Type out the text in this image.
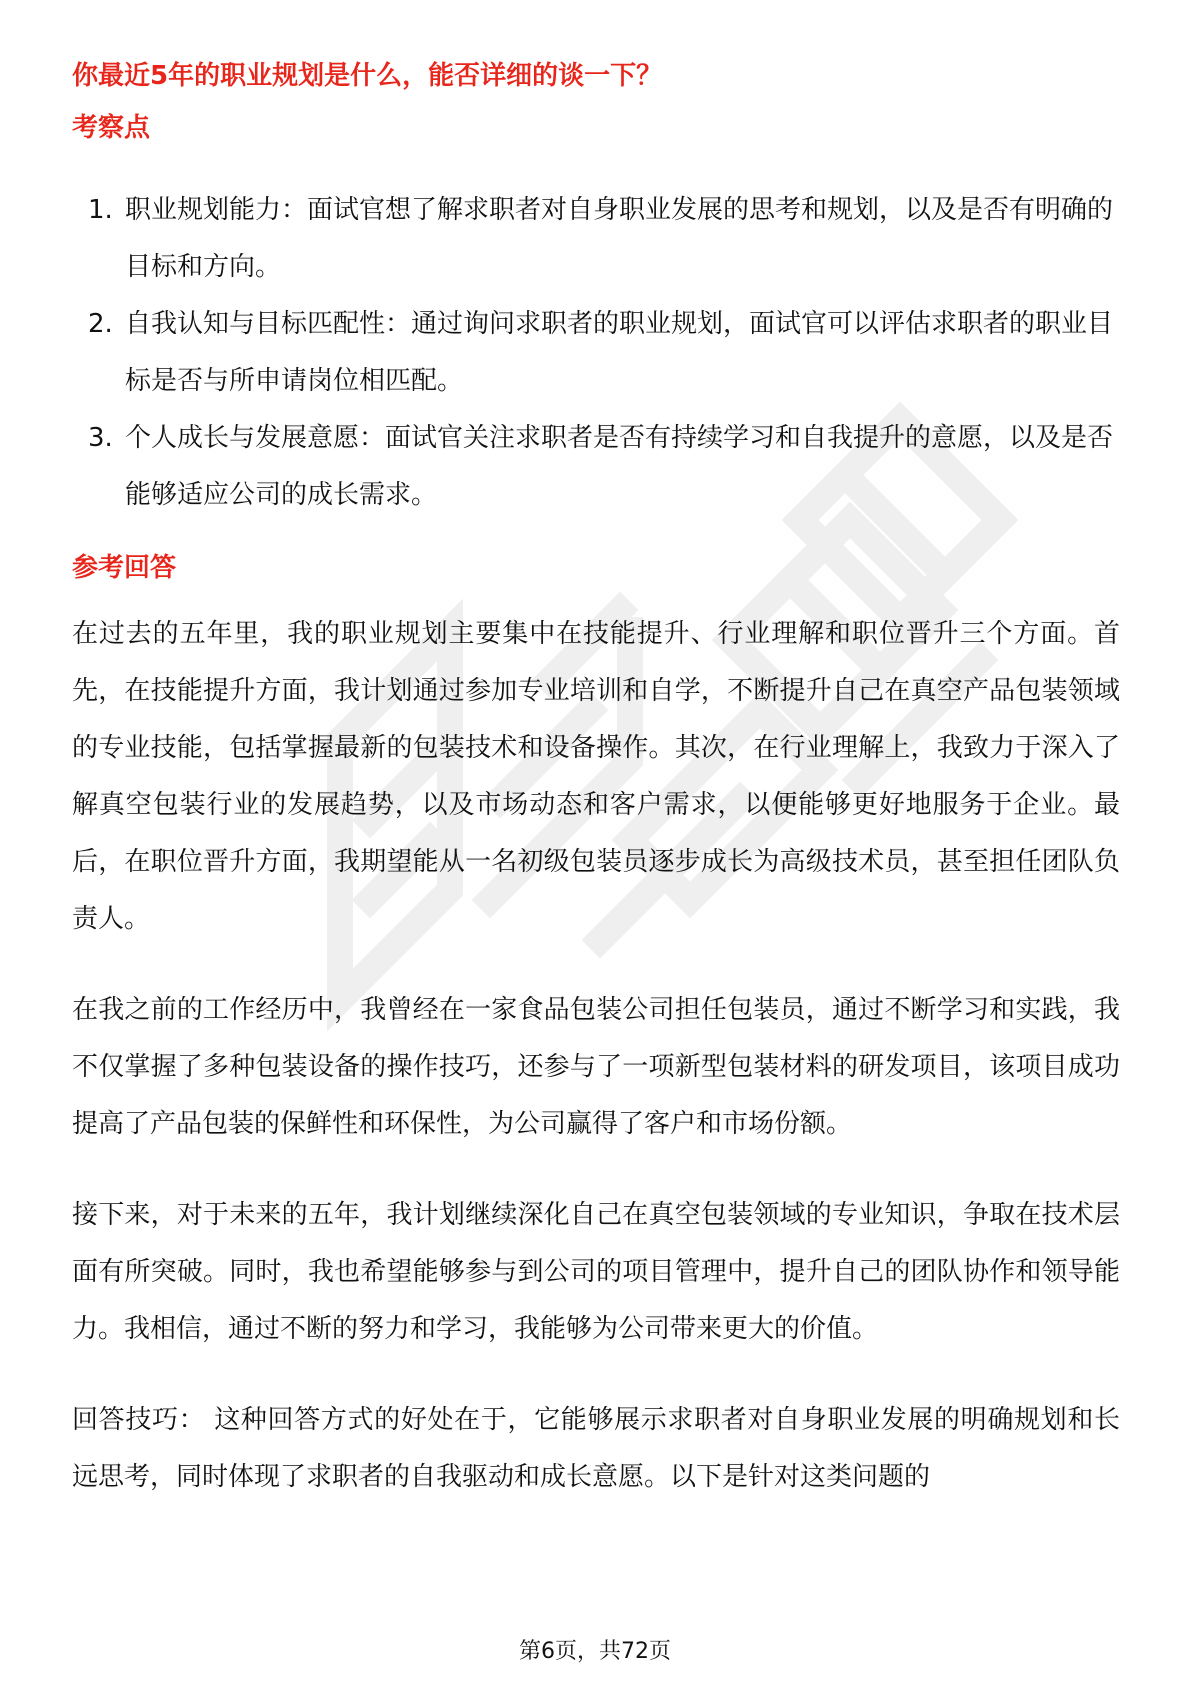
你最近5年的职业规划是什么，能否详细的谈一下？

考察点

1. 职业规划能力：面试官想了解求职者对自身职业发展的思考和规划，以及是否有明确的目标和方向。
2. 自我认知与目标匹配性：通过询问求职者的职业规划，面试官可以评估求职者的职业目标是否与所申请岗位相匹配。
3. 个人成长与发展意愿：面试官关注求职者是否有持续学习和自我提升的意愿，以及是否能够适应公司的成长需求。

参考回答

在过去的五年里，我的职业规划主要集中在技能提升、行业理解和职位晋升三个方面。首先，在技能提升方面，我计划通过参加专业培训和自学，不断提升自己在真空产品包装领域的专业技能，包括掌握最新的包装技术和设备操作。其次，在行业理解上，我致力于深入了解真空包装行业的发展趋势，以及市场动态和客户需求，以便能够更好地服务于企业。最后，在职位晋升方面，我期望能从一名初级包装员逐步成长为高级技术员，甚至担任团队负责人。

在我之前的工作经历中，我曾经在一家食品包装公司担任包装员，通过不断学习和实践，我不仅掌握了多种包装设备的操作技巧，还参与了一项新型包装材料的研发项目，该项目成功提高了产品包装的保鲜性和环保性，为公司赢得了客户和市场份额。

接下来，对于未来的五年，我计划继续深化自己在真空包装领域的专业知识，争取在技术层面有所突破。同时，我也希望能够参与到公司的项目管理中，提升自己的团队协作和领导能力。我相信，通过不断的努力和学习，我能够为公司带来更大的价值。

回答技巧： 这种回答方式的好处在于，它能够展示求职者对自身职业发展的明确规划和长远思考，同时体现了求职者的自我驱动和成长意愿。以下是针对这类问题的

第6页，共72页
